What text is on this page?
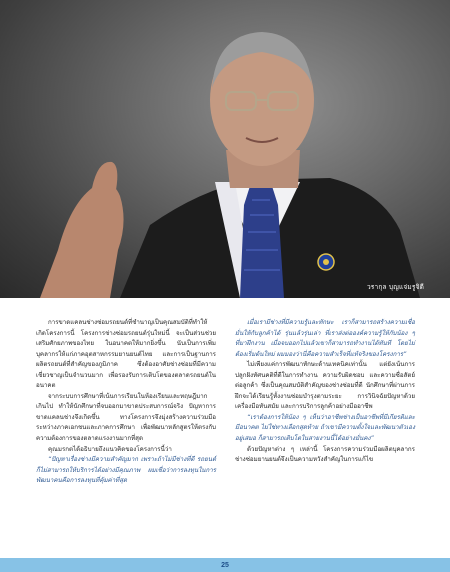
วรากุล บุญแจ่มรูจิตี

การขาดแคลนช่างซ่อมรถยนต์ที่ชำนาญเป็นคุณสมบัติที่ทำให้เกิดโครงการนี้ โครงการช่างซ่อมรถยนต์รุ่นใหม่นี้ จะเป็นส่วนช่วยเสริมศักยภาพของไทย ในอนาคตให้มากยิ่งขึ้น นับเป็นการเพิ่มบุคลากรให้แก่ภาคอุตสาหกรรมยานยนต์ไทย และการเป็นฐานการผลิตรถยนต์ที่สำคัญของภูมิภาค ซึ่งต้องอาศัยช่างซ่อมที่มีความเชี่ยวชาญเป็นจำนวนมาก เพื่อรองรับการเติบโตของตลาดรถยนต์ในอนาคต

จากระบบการศึกษาที่เน้นการเรียนในห้องเรียนและทฤษฎีมากเกินไป ทำให้นักศึกษาที่จบออกมาขาดประสบการณ์จริง ปัญหาการขาดแคลนช่างจึงเกิดขึ้น ทางโครงการจึงมุ่งสร้างความร่วมมือระหว่างภาคเอกชนและภาคการศึกษา เพื่อพัฒนาหลักสูตรให้ตรงกับความต้องการของตลาดแรงงานมากที่สุด

คุณมรกตได้อธิบายถึงแนวคิดของโครงการนี้ว่า

“ปัญหาเรื่องช่างมีความสำคัญมาก เพราะถ้าไม่มีช่างที่ดี รถยนต์ก็ไม่สามารถให้บริการได้อย่างมีคุณภาพ ผมเชื่อว่าการลงทุนในการพัฒนาคนคือการลงทุนที่คุ้มค่าที่สุด

เมื่อเรามีช่างที่มีความรู้และทักษะ เราก็สามารถสร้างความเชื่อมั่นให้กับลูกค้าได้ รุ่นแล้วรุ่นเล่า ที่เราส่งต่อองค์ความรู้ให้กับน้อง ๆ ที่มาฝึกงาน เมื่อจบออกไปแล้วเขาก็สามารถทำงานได้ทันที โดยไม่ต้องเริ่มต้นใหม่ ผมมองว่านี่คือความสำเร็จที่แท้จริงของโครงการ”

ไม่เพียงแค่การพัฒนาทักษะด้านเทคนิคเท่านั้น แต่ยังเน้นการปลูกฝังทัศนคติที่ดีในการทำงาน ความรับผิดชอบ และความซื่อสัตย์ต่อลูกค้า ซึ่งเป็นคุณสมบัติสำคัญของช่างซ่อมที่ดี นักศึกษาที่ผ่านการฝึกจะได้เรียนรู้ทั้งงานซ่อมบำรุงตามระยะ การวินิจฉัยปัญหาด้วยเครื่องมือทันสมัย และการบริการลูกค้าอย่างมืออาชีพ

“เราต้องการให้น้อง ๆ เห็นว่าอาชีพช่างเป็นอาชีพที่มีเกียรติและมีอนาคต ไม่ใช่ทางเลือกสุดท้าย ถ้าเขามีความตั้งใจและพัฒนาตัวเองอยู่เสมอ ก็สามารถเติบโตในสายงานนี้ได้อย่างมั่นคง”

ด้วยปัญหาต่าง ๆ เหล่านี้ โครงการความร่วมมือผลิตบุคลากรช่างซ่อมยานยนต์จึงเป็นความหวังสำคัญในการแก้ไข

25
